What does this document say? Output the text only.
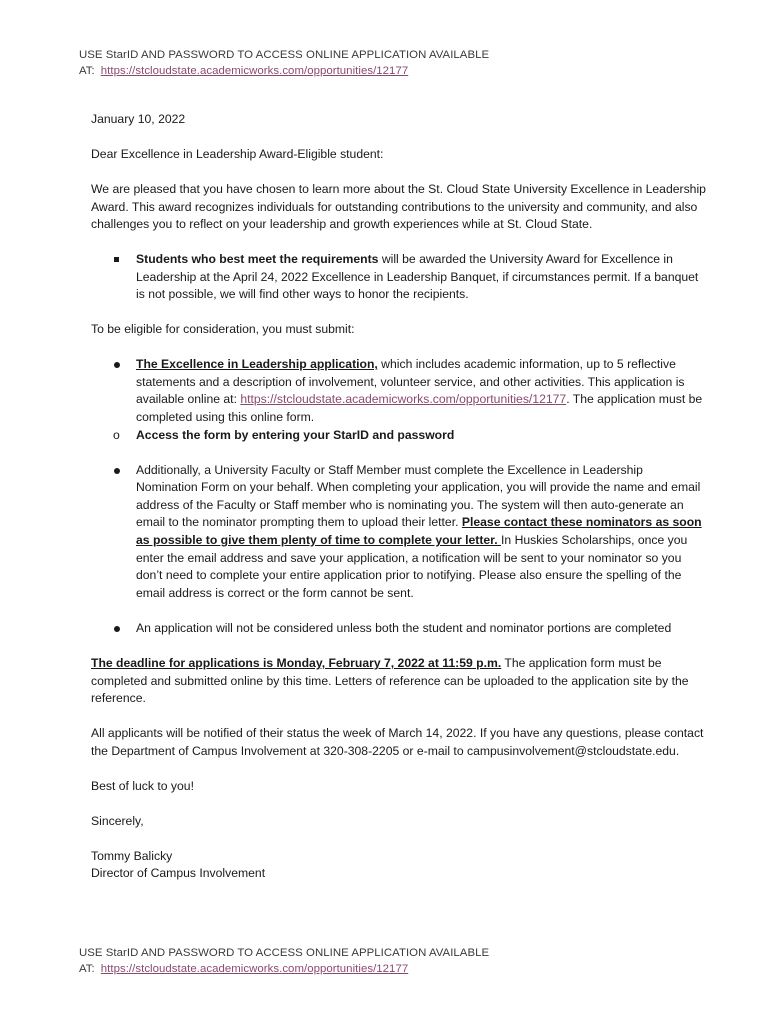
USE StarID AND PASSWORD TO ACCESS ONLINE APPLICATION AVAILABLE
AT: https://stcloudstate.academicworks.com/opportunities/12177

January 10, 2022

Dear Excellence in Leadership Award-Eligible student:

We are pleased that you have chosen to learn more about the St. Cloud State University Excellence in Leadership Award. This award recognizes individuals for outstanding contributions to the university and community, and also challenges you to reflect on your leadership and growth experiences while at St. Cloud State.

Students who best meet the requirements will be awarded the University Award for Excellence in Leadership at the April 24, 2022 Excellence in Leadership Banquet, if circumstances permit. If a banquet is not possible, we will find other ways to honor the recipients.

To be eligible for consideration, you must submit:

The Excellence in Leadership application, which includes academic information, up to 5 reflective statements and a description of involvement, volunteer service, and other activities. This application is available online at: https://stcloudstate.academicworks.com/opportunities/12177. The application must be completed using this online form.
o Access the form by entering your StarID and password
Additionally, a University Faculty or Staff Member must complete the Excellence in Leadership Nomination Form on your behalf. When completing your application, you will provide the name and email address of the Faculty or Staff member who is nominating you. The system will then auto-generate an email to the nominator prompting them to upload their letter. Please contact these nominators as soon as possible to give them plenty of time to complete your letter. In Huskies Scholarships, once you enter the email address and save your application, a notification will be sent to your nominator so you don’t need to complete your entire application prior to notifying. Please also ensure the spelling of the email address is correct or the form cannot be sent.
An application will not be considered unless both the student and nominator portions are completed

The deadline for applications is Monday, February 7, 2022 at 11:59 p.m. The application form must be completed and submitted online by this time. Letters of reference can be uploaded to the application site by the reference.

All applicants will be notified of their status the week of March 14, 2022. If you have any questions, please contact the Department of Campus Involvement at 320-308-2205 or e-mail to campusinvolvement@stcloudstate.edu.

Best of luck to you!

Sincerely,

Tommy Balicky

Director of Campus Involvement

USE StarID AND PASSWORD TO ACCESS ONLINE APPLICATION AVAILABLE
AT: https://stcloudstate.academicworks.com/opportunities/12177
